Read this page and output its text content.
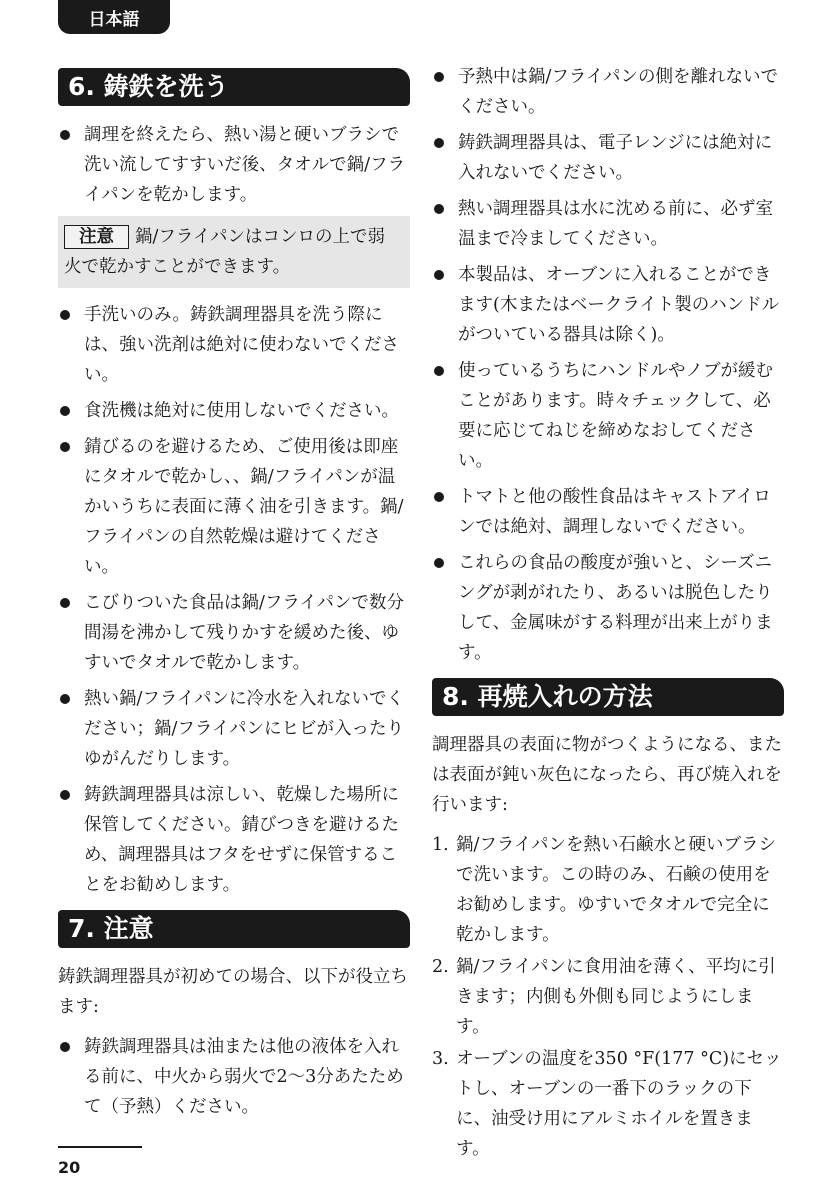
日本語
6. 鋳鉄を洗う
調理を終えたら、熱い湯と硬いブラシで洗い流してすすいだ後、タオルで鍋/フライパンを乾かします。
注意 鍋/フライパンはコンロの上で弱火で乾かすことができます。
手洗いのみ。鋳鉄調理器具を洗う際には、強い洗剤は絶対に使わないでください。
食洗機は絶対に使用しないでください。
錆びるのを避けるため、ご使用後は即座にタオルで乾かし、、鍋/フライパンが温かいうちに表面に薄く油を引きます。鍋/フライパンの自然乾燥は避けてください。
こびりついた食品は鍋/フライパンで数分間湯を沸かして残りかすを緩めた後、ゆすいでタオルで乾かします。
熱い鍋/フライパンに冷水を入れないでください；鍋/フライパンにヒビが入ったりゆがんだりします。
鋳鉄調理器具は涼しい、乾燥した場所に保管してください。錆びつきを避けるため、調理器具はフタをせずに保管することをお勧めします。
7. 注意

鋳鉄調理器具が初めての場合、以下が役立ちます:

鋳鉄調理器具は油または他の液体を入れる前に、中火から弱火で2〜3分あたためて（予熱）ください。
予熱中は鍋/フライパンの側を離れないでください。
鋳鉄調理器具は、電子レンジには絶対に入れないでください。
熱い調理器具は水に沈める前に、必ず室温まで冷ましてください。
本製品は、オーブンに入れることができます(木またはベークライト製のハンドルがついている器具は除く)。
使っているうちにハンドルやノブが緩むことがあります。時々チェックして、必要に応じてねじを締めなおしてください。
トマトと他の酸性食品はキャストアイロンでは絶対、調理しないでください。
これらの食品の酸度が強いと、シーズニングが剥がれたり、あるいは脱色したりして、金属味がする料理が出来上がります。
8. 再焼入れの方法

調理器具の表面に物がつくようになる、または表面が鈍い灰色になったら、再び焼入れを行います:

1. 鍋/フライパンを熱い石鹸水と硬いブラシで洗います。この時のみ、石鹸の使用をお勧めします。ゆすいでタオルで完全に乾かします。
2. 鍋/フライパンに食用油を薄く、平均に引きます；内側も外側も同じようにします。
3. オーブンの温度を350 °F(177 °C)にセットし、オーブンの一番下のラックの下に、油受け用にアルミホイルを置きます。
20
